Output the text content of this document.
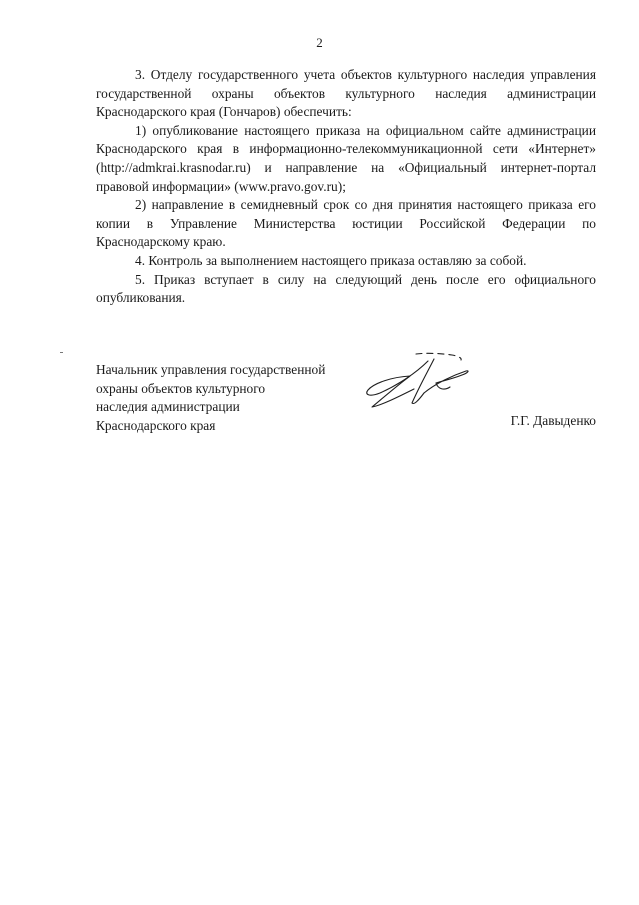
2

3. Отделу государственного учета объектов культурного наследия управления государственной охраны объектов культурного наследия администрации Краснодарского края (Гончаров) обеспечить:

1) опубликование настоящего приказа на официальном сайте администрации Краснодарского края в информационно-телекоммуникационной сети «Интернет» (http://admkrai.krasnodar.ru) и направление на «Официальный интернет-портал правовой информации» (www.pravo.gov.ru);

2) направление в семидневный срок со дня принятия настоящего приказа его копии в Управление Министерства юстиции Российской Федерации по Краснодарскому краю.

4. Контроль за выполнением настоящего приказа оставляю за собой.

5. Приказ вступает в силу на следующий день после его официального опубликования.

Начальник управления государственной
охраны объектов культурного
наследия администрации
Краснодарского края	Г.Г. Давыденко
